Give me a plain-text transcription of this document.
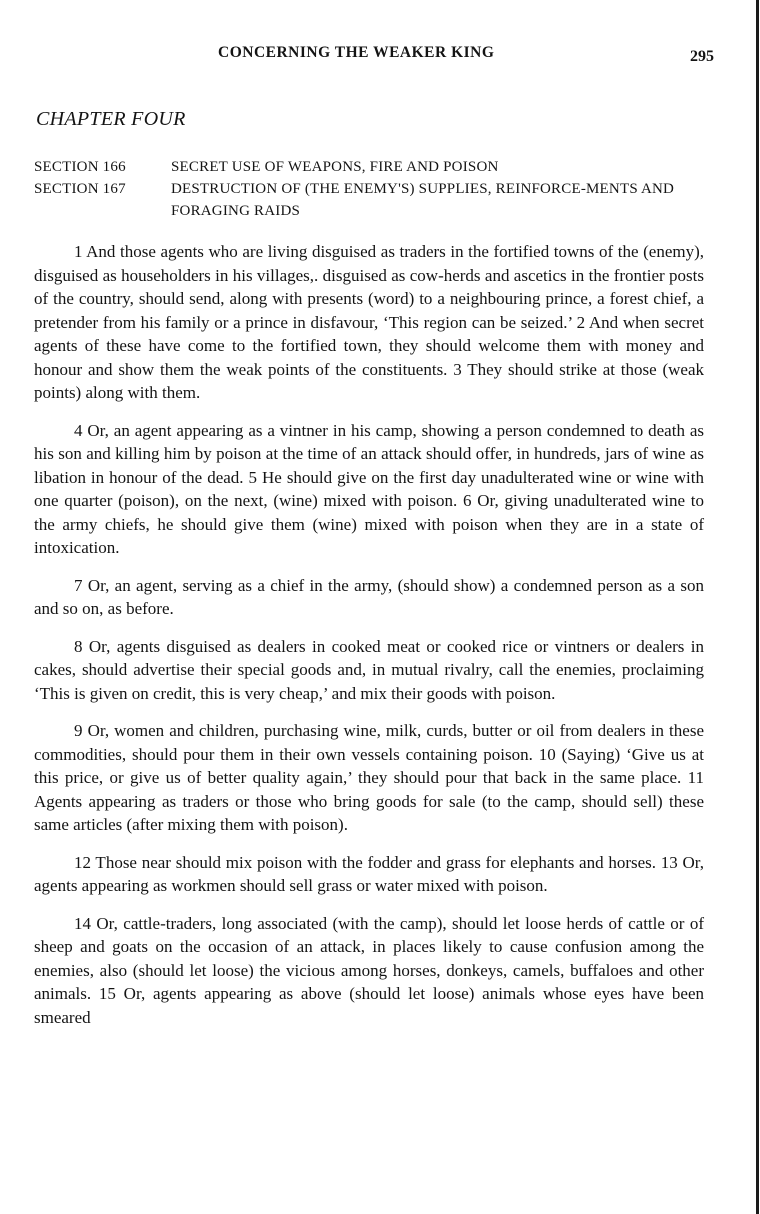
CONCERNING THE WEAKER KING	295
CHAPTER FOUR
SECTION 166	SECRET USE OF WEAPONS, FIRE AND POISON
SECTION 167	DESTRUCTION OF (THE ENEMY'S) SUPPLIES, REINFORCE-MENTS AND FORAGING RAIDS

1 And those agents who are living disguised as traders in the fortified towns of the (enemy), disguised as householders in his villages,. disguised as cow-herds and ascetics in the frontier posts of the country, should send, along with presents (word) to a neighbouring prince, a forest chief, a pretender from his family or a prince in disfavour, ‘This region can be seized.’ 2 And when secret agents of these have come to the fortified town, they should welcome them with money and honour and show them the weak points of the constituents. 3 They should strike at those (weak points) along with them.

4 Or, an agent appearing as a vintner in his camp, showing a person condemned to death as his son and killing him by poison at the time of an attack should offer, in hundreds, jars of wine as libation in honour of the dead. 5 He should give on the first day unadulterated wine or wine with one quarter (poison), on the next, (wine) mixed with poison. 6 Or, giving unadulterated wine to the army chiefs, he should give them (wine) mixed with poison when they are in a state of intoxication.

7 Or, an agent, serving as a chief in the army, (should show) a condemned person as a son and so on, as before.

8 Or, agents disguised as dealers in cooked meat or cooked rice or vintners or dealers in cakes, should advertise their special goods and, in mutual rivalry, call the enemies, proclaiming ‘This is given on credit, this is very cheap,’ and mix their goods with poison.

9 Or, women and children, purchasing wine, milk, curds, butter or oil from dealers in these commodities, should pour them in their own vessels containing poison. 10 (Saying) ‘Give us at this price, or give us of better quality again,’ they should pour that back in the same place. 11 Agents appearing as traders or those who bring goods for sale (to the camp, should sell) these same articles (after mixing them with poison).

12 Those near should mix poison with the fodder and grass for elephants and horses. 13 Or, agents appearing as workmen should sell grass or water mixed with poison.

14 Or, cattle-traders, long associated (with the camp), should let loose herds of cattle or of sheep and goats on the occasion of an attack, in places likely to cause confusion among the enemies, also (should let loose) the vicious among horses, donkeys, camels, buffaloes and other animals. 15 Or, agents appearing as above (should let loose) animals whose eyes have been smeared
